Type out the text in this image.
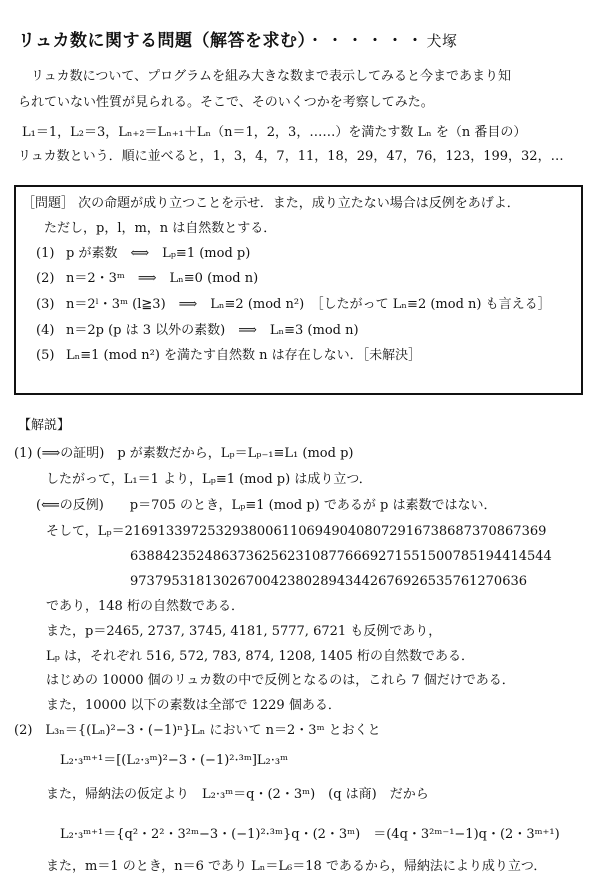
リュカ数に関する問題（解答を求む）・・・・・・犬塚
　リュカ数について、プログラムを組み大きな数まで表示してみると今まであまり知
られていない性質が見られる。そこで、そのいくつかを考察してみた。
L₁＝1，L₂＝3，Lₙ₊₂＝Lₙ₊₁＋Lₙ（n＝1，2，3，……）を満たす数 Lₙ を（n 番目の）
リュカ数という．順に並べると，1，3，4，7，11，18，29，47，76，123，199，32，…
［問題］ 次の命題が成り立つことを示せ．また，成り立たない場合は反例をあげよ．
ただし，p，l，m，n は自然数とする．
(1) p が素数　⟺　Lₚ≡1 (mod p)
(2) n＝2・3ᵐ　⟹　Lₙ≡0 (mod n)
(3) n＝2ˡ・3ᵐ (l≧3)　⟹　Lₙ≡2 (mod n²)　［したがって Lₙ≡2 (mod n) も言える］
(4) n＝2p (p は 3 以外の素数)　⟹　Lₙ≡3 (mod n)
(5) Lₙ≡1 (mod n²) を満たす自然数 n は存在しない．［未解決］
【解説】
(1) (⟹の証明)　p が素数だから，Lₚ＝Lₚ₋₁≡L₁ (mod p)
したがって，L₁＝1 より，Lₚ≡1 (mod p) は成り立つ．
(⟸の反例)　　p＝705 のとき，Lₚ≡1 (mod p) であるが p は素数ではない．
そして，Lₚ＝216913397253293800611069490408072916738687370867369
638842352486373625623108776669271551500785194414544
973795318130267004238028943442676926535761270636
であり，148 桁の自然数である．
また，p＝2465, 2737, 3745, 4181, 5777, 6721 も反例であり，
Lₚ は，それぞれ 516, 572, 783, 874, 1208, 1405 桁の自然数である．
はじめの 10000 個のリュカ数の中で反例となるのは，これら 7 個だけである．
また，10000 以下の素数は全部で 1229 個ある．
(2)　L₃ₙ＝{(Lₙ)²−3・(−1)ⁿ}Lₙ において n＝2・3ᵐ とおくと
L₂·₃ᵐ⁺¹＝[(L₂·₃ᵐ)²−3・(−1)²·³ᵐ]L₂·₃ᵐ
また，帰納法の仮定より　L₂·₃ᵐ＝q・(2・3ᵐ)　(q は商)　だから
L₂·₃ᵐ⁺¹＝{q²・2²・3²ᵐ−3・(−1)²·³ᵐ}q・(2・3ᵐ)　＝(4q・3²ᵐ⁻¹−1)q・(2・3ᵐ⁺¹)
また，m＝1 のとき，n＝6 であり Lₙ＝L₆＝18 であるから，帰納法により成り立つ．
